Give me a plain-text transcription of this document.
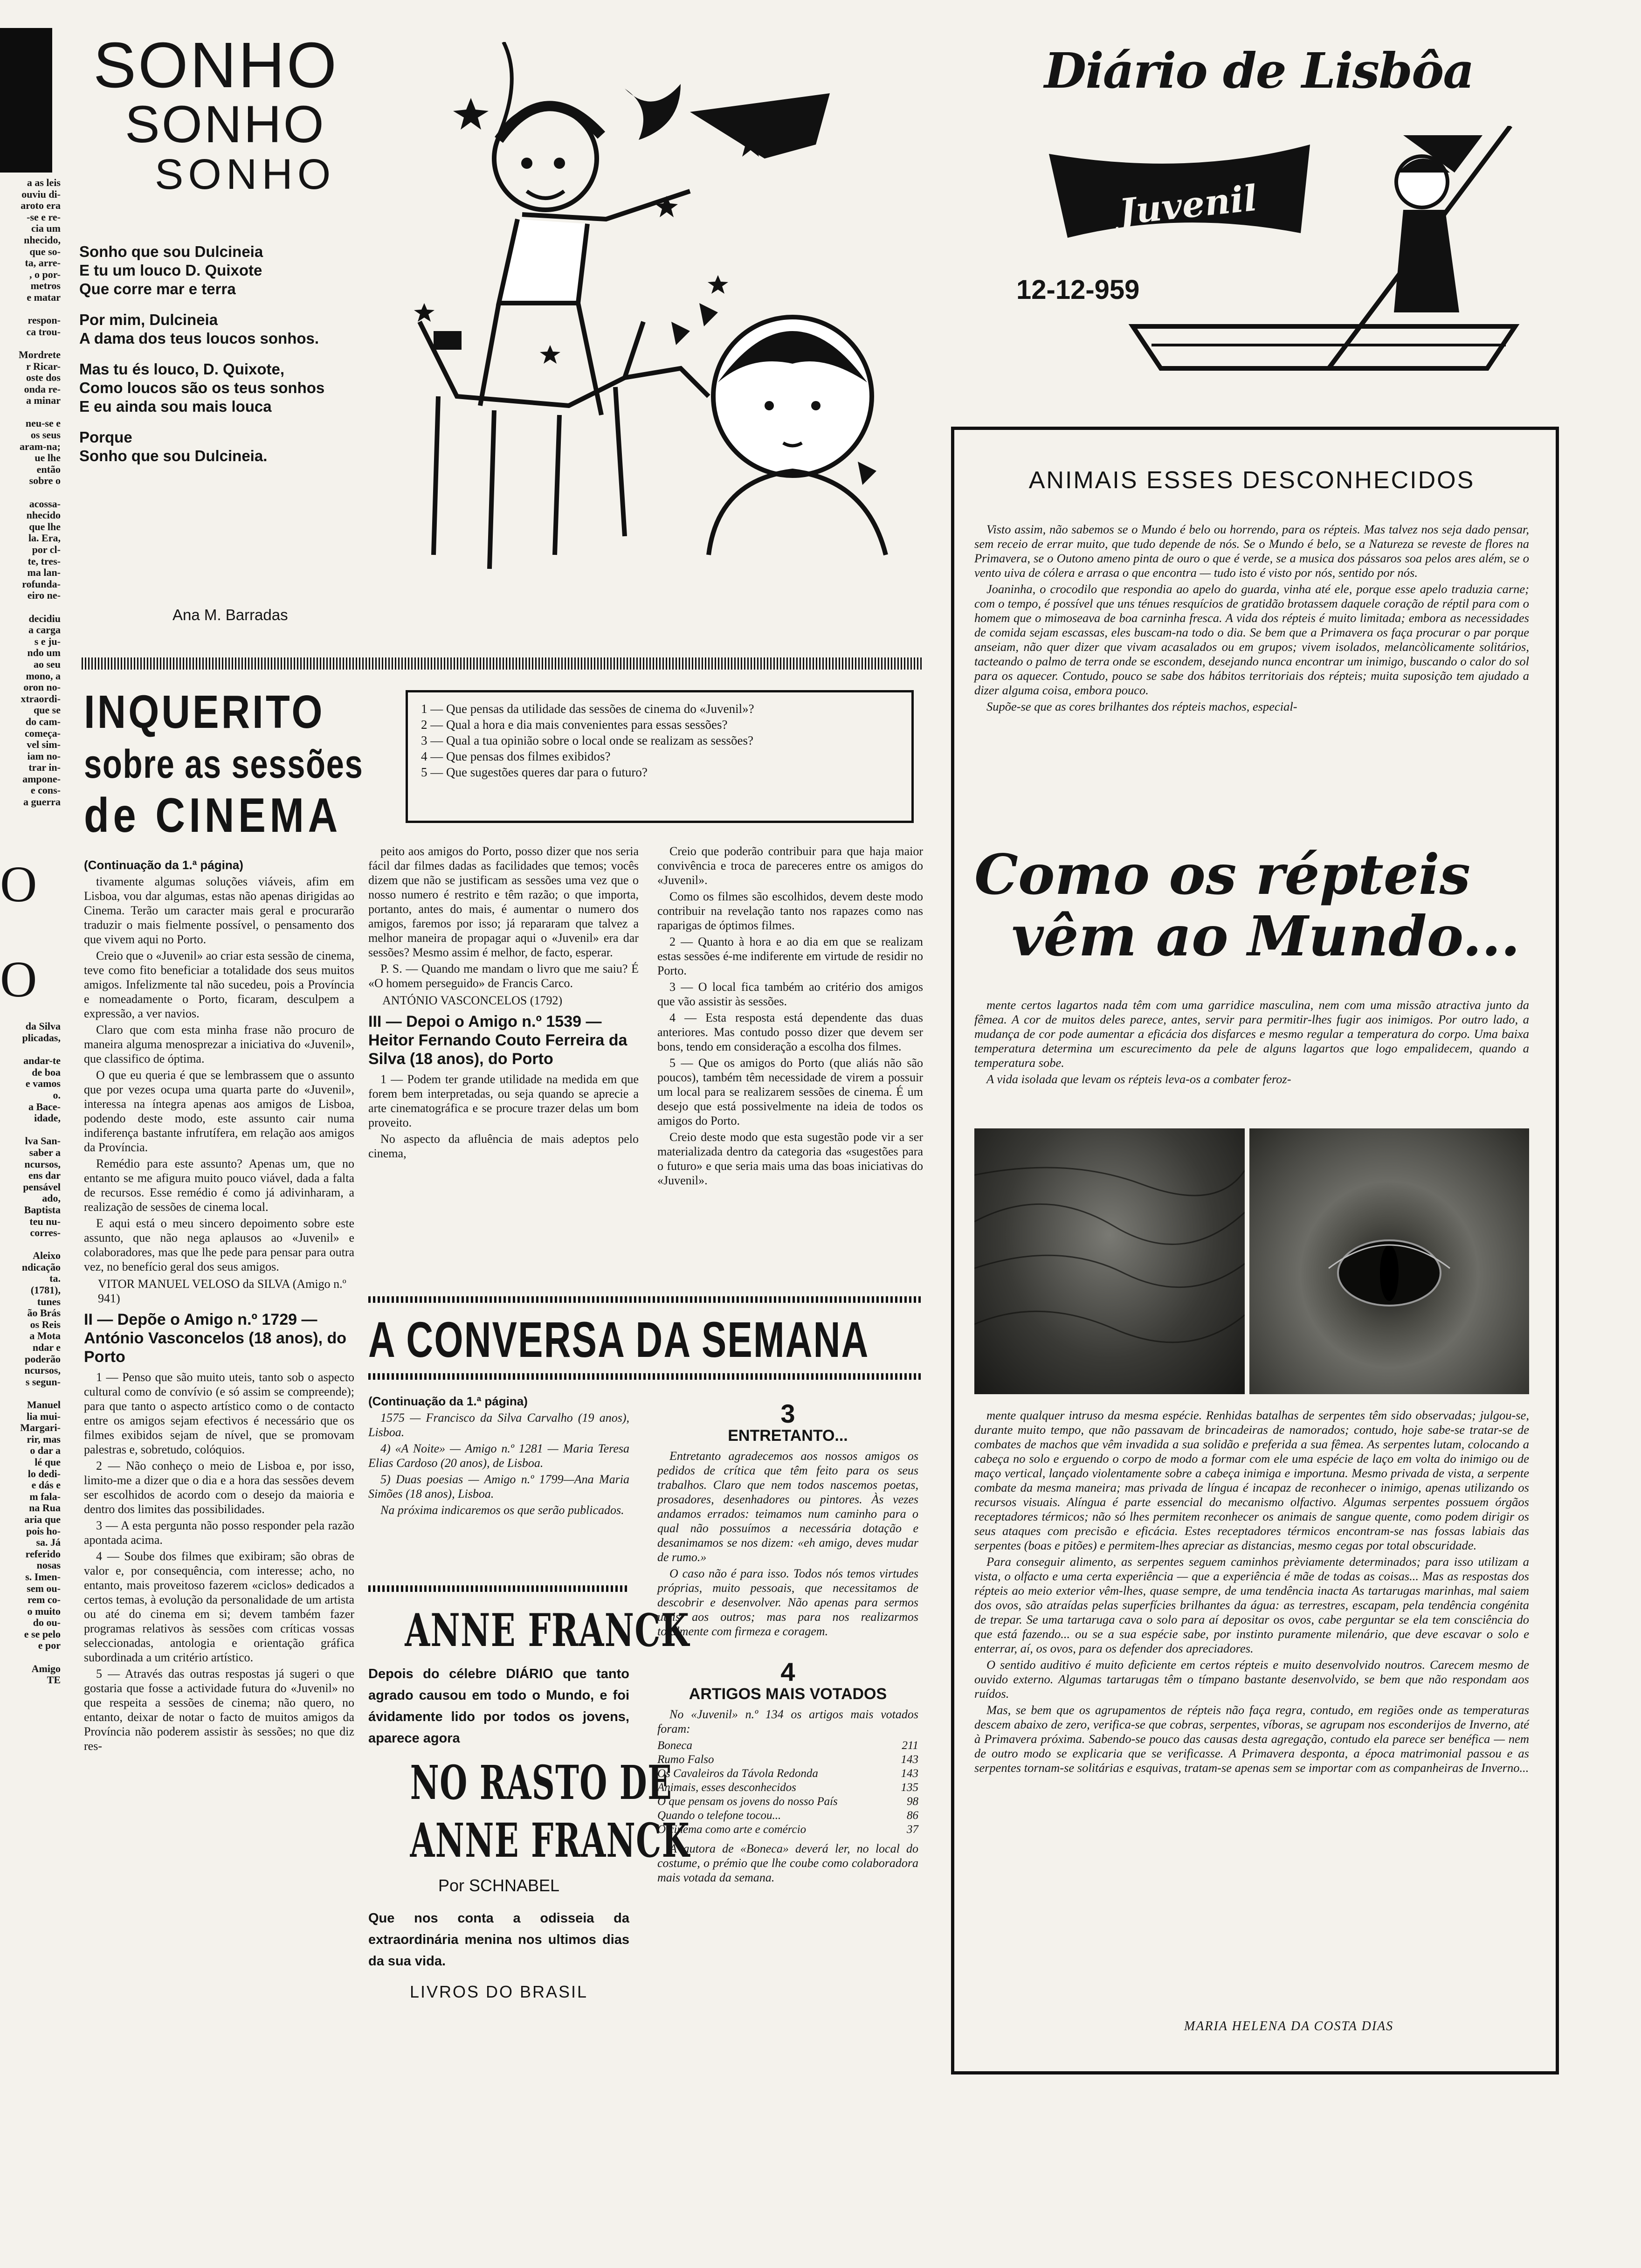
a as leis
ouviu di-
aroto era
-se e re-
cia um
nhecido,
que so-
ta, arre-
, o por-
metros
e matar

respon-
ca trou-

Mordrete
r Ricar-
oste dos
onda re-
a minar

neu-se e
os seus
aram-na;
ue lhe
então
sobre o

acossa-
nhecido
que lhe
la. Era,
por cl-
te, tres-
ma lan-
rofunda-
eiro ne-

decidiu
a carga
s e ju-
ndo um
ao seu
mono, a
oron no-
xtraordi-
que se
do cam-
começa-
vel sim-
iam no-
trar in-
ampone-
e cons-
a guerra

O

O

da Silva
plicadas,

andar-te
de boa
e vamos
o.
a Bace-
idade,

lva San-
saber a
ncursos,
ens dar
pensável
ado,
Baptista
teu nu-
corres-

Aleixo
ndicação
ta.
(1781),
tunes
ão Brás
os Reis
a Mota
ndar e
poderão
ncursos,
s segun-

Manuel
lia mui-
Margari-
rir, mas
o dar a
lé que
lo dedi-
e dás e
m fala-
na Rua
aria que
pois ho-
sa. Já
referido
nosas
s. Imen-
sem ou-
rem co-
o muito
do ou-
e se pelo
e por

Amigo
TE
SONHO
SONHO
SONHO
Sonho que sou Dulcineia
E tu um louco D. Quixote
Que corre mar e terra
Por mim, Dulcineia
A dama dos teus loucos sonhos.
Mas tu és louco, D. Quixote,
Como loucos são os teus sonhos
E eu ainda sou mais louca
Porque
Sonho que sou Dulcineia.
Ana M. Barradas
Diário de Lisbôa
Juvenil
12-12-959
INQUERITO
sobre as sessões
de CINEMA
1 — Que pensas da utilidade das sessões de cinema do «Juvenil»?
2 — Qual a hora e dia mais convenientes para essas sessões?
3 — Qual a tua opinião sobre o local onde se realizam as sessões?
4 — Que pensas dos filmes exibidos?
5 — Que sugestões queres dar para o futuro?

(Continuação da 1.ª página)

tivamente algumas soluções viáveis, afim em Lisboa, vou dar algumas, estas não apenas dirigidas ao Cinema. Terão um caracter mais geral e procurarão traduzir o mais fielmente possível, o pensamento dos que vivem aqui no Porto.

Creio que o «Juvenil» ao criar esta sessão de cinema, teve como fito beneficiar a totalidade dos seus muitos amigos. Infelizmente tal não sucedeu, pois a Província e nomeadamente o Porto, ficaram, desculpem a expressão, a ver navios.

Claro que com esta minha frase não procuro de maneira alguma menosprezar a iniciativa do «Juvenil», que classifico de óptima.

O que eu queria é que se lembrassem que o assunto que por vezes ocupa uma quarta parte do «Juvenil», interessa na íntegra apenas aos amigos de Lisboa, podendo deste modo, este assunto cair numa indiferença bastante infrutífera, em relação aos amigos da Província.

Remédio para este assunto? Apenas um, que no entanto se me afigura muito pouco viável, dada a falta de recursos. Esse remédio é como já adivinharam, a realização de sessões de cinema local.

E aqui está o meu sincero depoimento sobre este assunto, que não nega aplausos ao «Juvenil» e colaboradores, mas que lhe pede para pensar para outra vez, no benefício geral dos seus amigos.

VITOR MANUEL VELOSO da SILVA (Amigo n.º 941)

II — Depõe o Amigo n.º 1729 — António Vasconcelos (18 anos), do Porto

1 — Penso que são muito uteis, tanto sob o aspecto cultural como de convívio (e só assim se compreende); para que tanto o aspecto artístico como o de contacto entre os amigos sejam efectivos é necessário que os filmes exibidos sejam de nível, que se promovam palestras e, sobretudo, colóquios.

2 — Não conheço o meio de Lisboa e, por isso, limito-me a dizer que o dia e a hora das sessões devem ser escolhidos de acordo com o desejo da maioria e dentro dos limites das possibilidades.

3 — A esta pergunta não posso responder pela razão apontada acima.

4 — Soube dos filmes que exibiram; são obras de valor e, por consequência, com interesse; acho, no entanto, mais proveitoso fazerem «ciclos» dedicados a certos temas, à evolução da personalidade de um artista ou até do cinema em si; devem também fazer programas relativos às sessões com críticas vossas seleccionadas, antologia e orientação gráfica subordinada a um critério artístico.

5 — Através das outras respostas já sugeri o que gostaria que fosse a actividade futura do «Juvenil» no que respeita a sessões de cinema; não quero, no entanto, deixar de notar o facto de muitos amigos da Província não poderem assistir às sessões; no que diz res-

peito aos amigos do Porto, posso dizer que nos seria fácil dar filmes dadas as facilidades que temos; vocês dizem que não se justificam as sessões uma vez que o nosso numero é restrito e têm razão; o que importa, portanto, antes do mais, é aumentar o numero dos amigos, faremos por isso; já repararam que talvez a melhor maneira de propagar aqui o «Juvenil» era dar sessões? Mesmo assim é melhor, de facto, esperar.

P. S. — Quando me mandam o livro que me saiu? É «O homem perseguido» de Francis Carco.

ANTÓNIO VASCONCELOS (1792)

III — Depoi o Amigo n.º 1539 — Heitor Fernando Couto Ferreira da Silva (18 anos), do Porto

1 — Podem ter grande utilidade na medida em que forem bem interpretadas, ou seja quando se aprecie a arte cinematográfica e se procure trazer delas um bom proveito.

No aspecto da afluência de mais adeptos pelo cinema,

Creio que poderão contribuir para que haja maior convivência e troca de pareceres entre os amigos do «Juvenil».

Como os filmes são escolhidos, devem deste modo contribuir na revelação tanto nos rapazes como nas raparigas de óptimos filmes.

2 — Quanto à hora e ao dia em que se realizam estas sessões é-me indiferente em virtude de residir no Porto.

3 — O local fica também ao critério dos amigos que vão assistir às sessões.

4 — Esta resposta está dependente das duas anteriores. Mas contudo posso dizer que devem ser bons, tendo em consideração a escolha dos filmes.

5 — Que os amigos do Porto (que aliás não são poucos), também têm necessidade de virem a possuir um local para se realizarem sessões de cinema. É um desejo que está possivelmente na ideia de todos os amigos do Porto.

Creio deste modo que esta sugestão pode vir a ser materializada dentro da categoria das «sugestões para o futuro» e que seria mais uma das boas iniciativas do «Juvenil».

A CONVERSA DA SEMANA

(Continuação da 1.ª página)

1575 — Francisco da Silva Carvalho (19 anos), Lisboa.

4) «A Noite» — Amigo n.º 1281 — Maria Teresa Elias Cardoso (20 anos), de Lisboa.

5) Duas poesias — Amigo n.º 1799—Ana Maria Simões (18 anos), Lisboa.

Na próxima indicaremos os que serão publicados.

3
ENTRETANTO...

Entretanto agradecemos aos nossos amigos os pedidos de crítica que têm feito para os seus trabalhos. Claro que nem todos nascemos poetas, prosadores, desenhadores ou pintores. Às vezes andamos errados: teimamos num caminho para o qual não possuímos a necessária dotação e desanimamos se nos dizem: «eh amigo, deves mudar de rumo.»

O caso não é para isso. Todos nós temos virtudes próprias, muito pessoais, que necessitamos de descobrir e desenvolver. Não apenas para sermos uteis aos outros; mas para nos realizarmos totalmente com firmeza e coragem.

4
ARTIGOS MAIS VOTADOS

No «Juvenil» n.º 134 os artigos mais votados foram:

Boneca	211
Rumo Falso	143
Os Cavaleiros da Távola Redonda	143
Animais, esses desconhecidos	135
O que pensam os jovens do nosso País	98
Quando o telefone tocou...	86
O cinema como arte e comércio	37

A autora de «Boneca» deverá ler, no local do costume, o prémio que lhe coube como colaboradora mais votada da semana.

ANNE FRANCK
Depois do célebre DIÁRIO que tanto agrado causou em todo o Mundo, e foi ávidamente lido por todos os jovens, aparece agora
NO RASTO DE
ANNE FRANCK
Por SCHNABEL
Que nos conta a odisseia da extraordinária menina nos ultimos dias da sua vida.
LIVROS DO BRASIL
ANIMAIS ESSES DESCONHECIDOS

Visto assim, não sabemos se o Mundo é belo ou horrendo, para os répteis. Mas talvez nos seja dado pensar, sem receio de errar muito, que tudo depende de nós. Se o Mundo é belo, se a Natureza se reveste de flores na Primavera, se o Outono ameno pinta de ouro o que é verde, se a musica dos pássaros soa pelos ares além, se o vento uiva de cólera e arrasa o que encontra — tudo isto é visto por nós, sentido por nós.

Joaninha, o crocodilo que respondia ao apelo do guarda, vinha até ele, porque esse apelo traduzia carne; com o tempo, é possível que uns ténues resquícios de gratidão brotassem daquele coração de réptil para com o homem que o mimoseava de boa carninha fresca. A vida dos répteis é muito limitada; embora as necessidades de comida sejam escassas, eles buscam-na todo o dia. Se bem que a Primavera os faça procurar o par porque anseiam, não quer dizer que vivam acasalados ou em grupos; vivem isolados, melancòlicamente solitários, tacteando o palmo de terra onde se escondem, desejando nunca encontrar um inimigo, buscando o calor do sol para os aquecer. Contudo, pouco se sabe dos hábitos territoriais dos répteis; muita suposição tem ajudado a dizer alguma coisa, embora pouco.

Supõe-se que as cores brilhantes dos répteis machos, especial-

Como os répteis
vêm ao Mundo...

mente certos lagartos nada têm com uma garridice masculina, nem com uma missão atractiva junto da fêmea. A cor de muitos deles parece, antes, servir para permitir-lhes fugir aos inimigos. Por outro lado, a mudança de cor pode aumentar a eficácia dos disfarces e mesmo regular a temperatura do corpo. Uma baixa temperatura determina um escurecimento da pele de alguns lagartos que logo empalidecem, quando a temperatura sobe.

A vida isolada que levam os répteis leva-os a combater feroz-

mente qualquer intruso da mesma espécie. Renhidas batalhas de serpentes têm sido observadas; julgou-se, durante muito tempo, que não passavam de brincadeiras de namorados; contudo, hoje sabe-se tratar-se de combates de machos que vêm invadida a sua solidão e preferida a sua fêmea. As serpentes lutam, colocando a cabeça no solo e erguendo o corpo de modo a formar com ele uma espécie de laço em volta do inimigo ou de maço vertical, lançado violentamente sobre a cabeça inimiga e importuna. Mesmo privada de vista, a serpente combate da mesma maneira; mas privada de língua é incapaz de reconhecer o inimigo, apenas utilizando os recursos visuais. Alíngua é parte essencial do mecanismo olfactivo. Algumas serpentes possuem órgãos receptadores térmicos; não só lhes permitem reconhecer os animais de sangue quente, como podem dirigir os seus ataques com precisão e eficácia. Estes receptadores térmicos encontram-se nas fossas labiais das serpentes (boas e pitões) e permitem-lhes apreciar as distancias, mesmo cegas por total obscuridade.

Para conseguir alimento, as serpentes seguem caminhos prèviamente determinados; para isso utilizam a vista, o olfacto e uma certa experiência — que a experiência é mãe de todas as coisas... Mas as respostas dos répteis ao meio exterior vêm-lhes, quase sempre, de uma tendência inacta As tartarugas marinhas, mal saiem dos ovos, são atraídas pelas superfícies brilhantes da água: as terrestres, escapam, pela tendência congénita de trepar. Se uma tartaruga cava o solo para aí depositar os ovos, cabe perguntar se ela tem consciência do que está fazendo... ou se a sua espécie sabe, por instinto puramente milenário, que deve escavar o solo e enterrar, aí, os ovos, para os defender dos apreciadores.

O sentido auditivo é muito deficiente em certos répteis e muito desenvolvido noutros. Carecem mesmo de ouvido externo. Algumas tartarugas têm o tímpano bastante desenvolvido, se bem que não respondam aos ruídos.

Mas, se bem que os agrupamentos de répteis não faça regra, contudo, em regiões onde as temperaturas descem abaixo de zero, verifica-se que cobras, serpentes, víboras, se agrupam nos esconderijos de Inverno, até à Primavera próxima. Sabendo-se pouco das causas desta agregação, contudo ela parece ser benéfica — nem de outro modo se explicaria que se verificasse. A Primavera desponta, a época matrimonial passou e as serpentes tornam-se solitárias e esquivas, tratam-se apenas sem se importar com as companheiras de Inverno...

MARIA HELENA DA COSTA DIAS
